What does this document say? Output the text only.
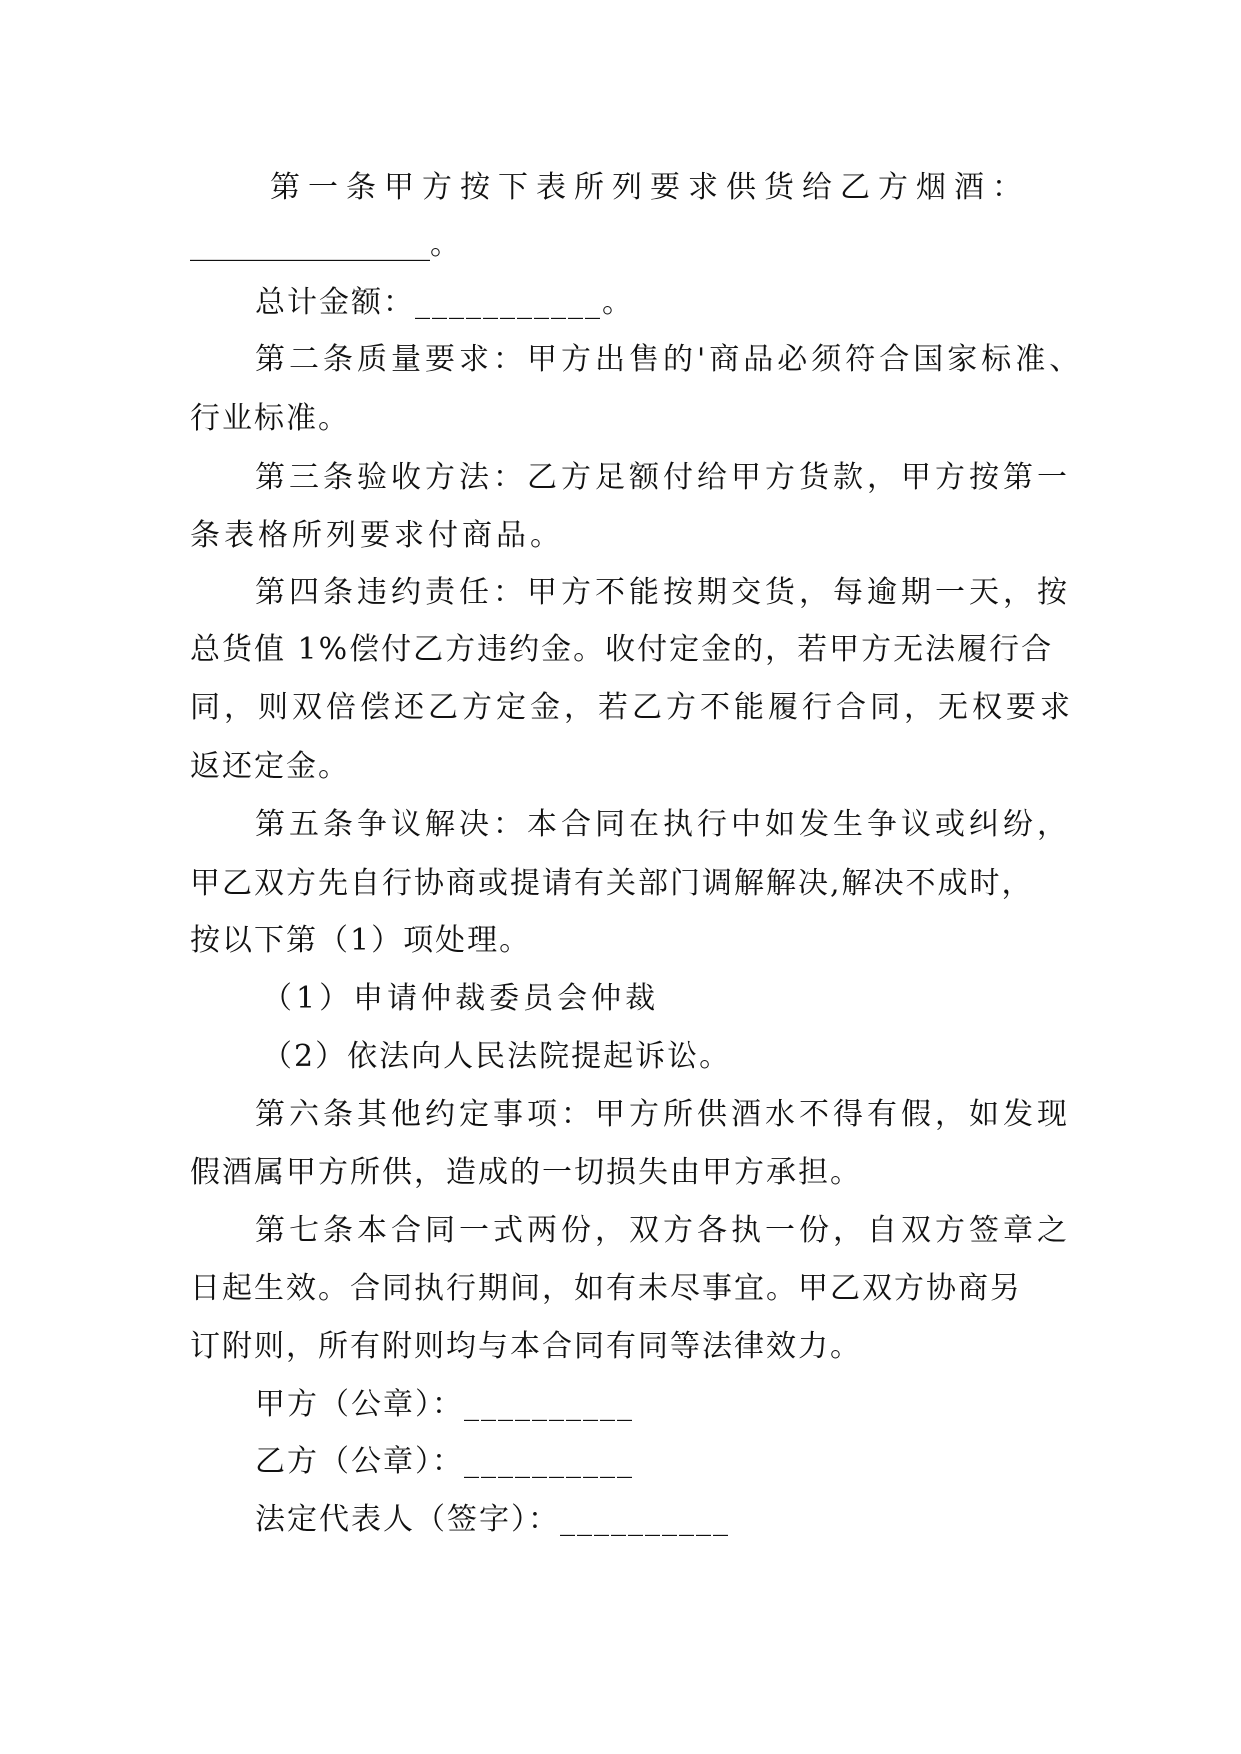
第一条甲方按下表所列要求供货给乙方烟酒：
________________。
总计金额：___________。
第二条质量要求：甲方出售的'商品必须符合国家标准、
行业标准。
第三条验收方法：乙方足额付给甲方货款，甲方按第一
条表格所列要求付商品。
第四条违约责任：甲方不能按期交货，每逾期一天，按
总货值 1%偿付乙方违约金。收付定金的，若甲方无法履行合
同，则双倍偿还乙方定金，若乙方不能履行合同，无权要求
返还定金。
第五条争议解决：本合同在执行中如发生争议或纠纷，
甲乙双方先自行协商或提请有关部门调解解决,解决不成时，
按以下第（1）项处理。
（1）申请仲裁委员会仲裁
（2）依法向人民法院提起诉讼。
第六条其他约定事项：甲方所供酒水不得有假，如发现
假酒属甲方所供，造成的一切损失由甲方承担。
第七条本合同一式两份，双方各执一份，自双方签章之
日起生效。合同执行期间，如有未尽事宜。甲乙双方协商另
订附则，所有附则均与本合同有同等法律效力。
甲方（公章）：__________
乙方（公章）：__________
法定代表人（签字）：__________
